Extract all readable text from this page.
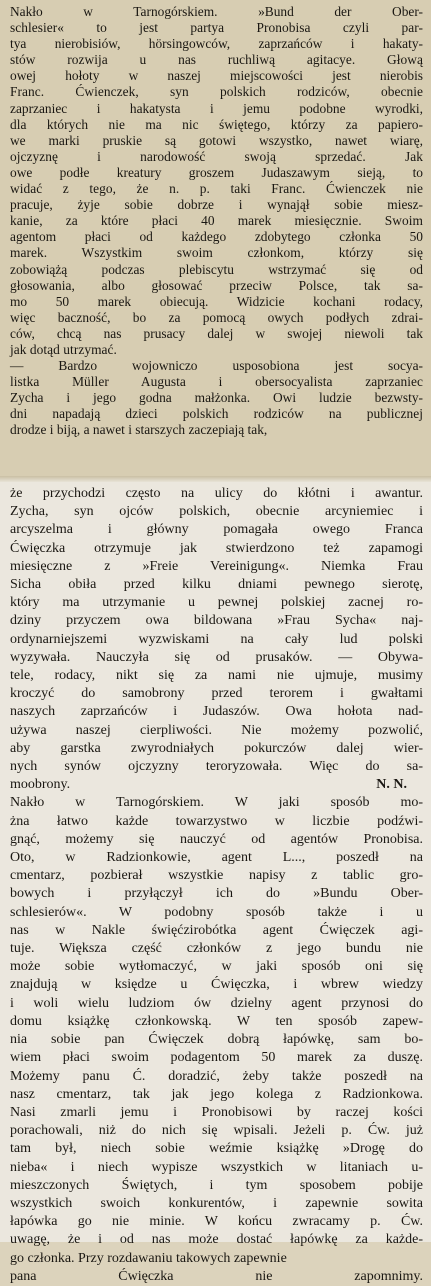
Nakło w Tarnogórskiem. »Bund der Ober-
schlesier« to jest partya Pronobisa czyli par-
tya nierobisiów, hörsingowców, zaprzańców i hakaty-
stów rozwija u nas ruchliwą agitacye. Głową
owej hołoty w naszej miejscowości jest nierobis
Franc. Ćwienczek, syn polskich rodziców, obecnie
zaprzaniec i hakatysta i jemu podobne wyrodki,
dla których nie ma nic świętego, którzy za papiero-
we marki pruskie są gotowi wszystko, nawet wiarę,
ojczyznę i narodowość swoją sprzedać. Jak
owe podłe kreatury groszem Judaszawym sieją, to
widać z tego, że n. p. taki Franc. Ćwienczek nie
pracuje, żyje sobie dobrze i wynajął sobie miesz-
kanie, za które płaci 40 marek miesięcznie. Swoim
agentom płaci od każdego zdobytego członka 50
marek. Wszystkim swoim członkom, którzy się
zobowiążą podczas plebiscytu wstrzymać się od
głosowania, albo głosować przeciw Polsce, tak sa-
mo 50 marek obiecują. Widzicie kochani rodacy,
więc baczność, bo za pomocą owych podłych zdrai-
ców, chcą nas prusacy dalej w swojej niewoli tak
jak dotąd utrzymać.
— Bardzo wojowniczo usposobiona jest socya-
listka Müller Augusta i obersocyalista zaprzaniec
Zycha i jego godna małżonka. Owi ludzie bezwsty-
dni napadają dzieci polskich rodziców na publicznej
drodze i biją, a nawet i starszych zaczepiają tak,
że przychodzi często na ulicy do kłótni i awantur.
Zycha, syn ojców polskich, obecnie arcyniemiec i
arcyszelma i główny pomagała owego Franca
Ćwięczka otrzymuje jak stwierdzono też zapamogi
miesięczne z »Freie Vereinigung«. Niemka Frau
Sicha obiła przed kilku dniami pewnego sierotę,
który ma utrzymanie u pewnej polskiej zacnej ro-
dziny przyczem owa bildowana »Frau Sycha« naj-
ordynarniejszemi wyzwiskami na cały lud polski
wyzywała. Nauczyła się od prusaków. — Obywa-
tele, rodacy, nikt się za nami nie ujmuje, musimy
kroczyć do samobrony przed terorem i gwałtami
naszych zaprzańców i Judaszów. Owa hołota nad-
używa naszej cierpliwości. Nie możemy pozwolić,
aby garstka zwyrodniałych pokurczów dalej wier-
nych synów ojczyzny teroryzowała. Więc do sa-
N. N.
moobrony.
Nakło w Tarnogórskiem. W jaki sposób mo-
żna łatwo każde towarzystwo w liczbie podźwi-
gnąć, możemy się nauczyć od agentów Pronobisa.
Oto, w Radzionkowie, agent L..., poszedł na
cmentarz, pozbierał wszystkie napisy z tablic gro-
bowych i przyłączył ich do »Bundu Ober-
schlesierów«. W podobny sposób także i u
nas w Nakle święćzirobótka agent Ćwięczek agi-
tuje. Większa część członków z jego bundu nie
może sobie wytłomaczyć, w jaki sposób oni się
znajdują w księdze u Ćwięczka, i wbrew wiedzy
i woli wielu ludziom ów dzielny agent przynosi do
domu książkę członkowską. W ten sposób zapew-
nia sobie pan Ćwięczek dobrą łapówkę, sam bo-
wiem płaci swoim podagentom 50 marek za duszę.
Możemy panu Ć. doradzić, żeby także poszedł na
nasz cmentarz, tak jak jego kolega z Radzionkowa.
Nasi zmarli jemu i Pronobisowi by raczej kości
porachowali, niż do nich się wpisali. Jeżeli p. Ćw. już
tam był, niech sobie weźmie książkę »Drogę do
nieba« i niech wypisze wszystkich w litaniach u-
mieszczonych Świętych, i tym sposobem pobije
wszystkich swoich konkurentów, i zapewnie sowita
łapówka go nie minie. W końcu zwracamy p. Ćw.
uwagę, że i od nas może dostać łapówkę za każde-
go członka. Przy rozdawaniu takowych zapewnie
pana Ćwięczka nie zapomnimy.
